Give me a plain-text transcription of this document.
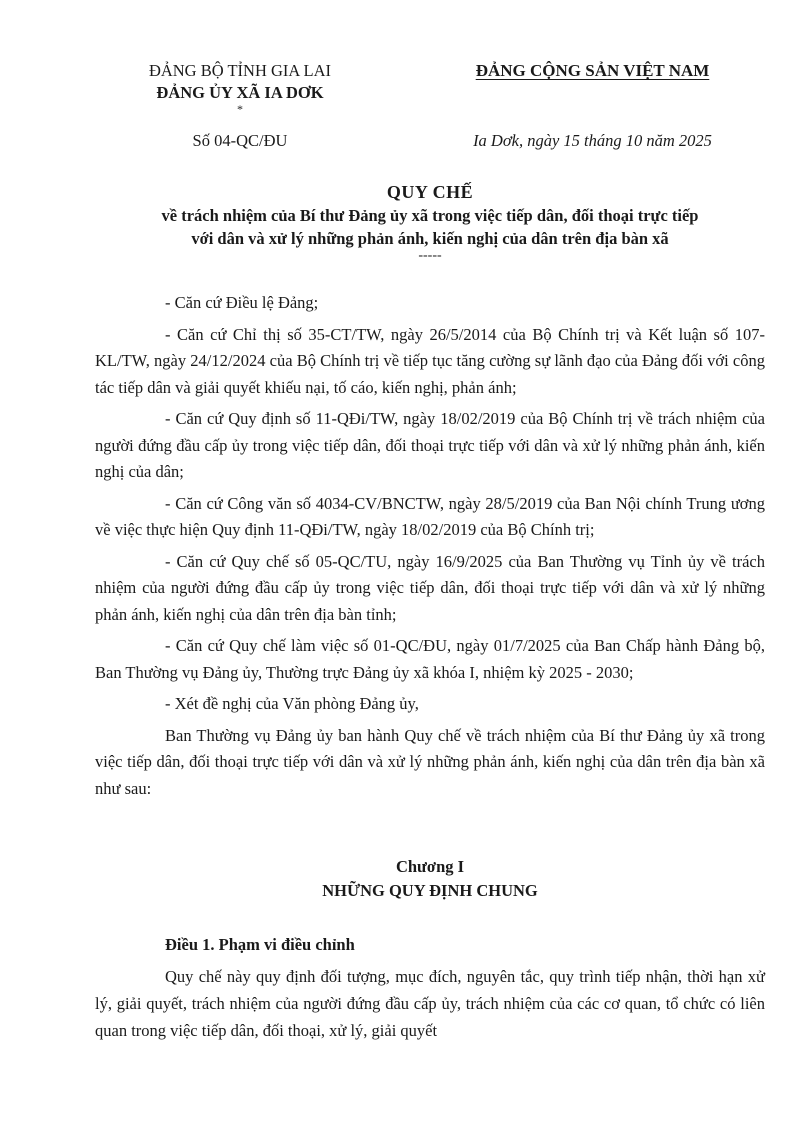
ĐẢNG BỘ TỈNH GIA LAI
ĐẢNG ỦY XÃ IA DƠK
*
Số 04-QC/ĐU
ĐẢNG CỘNG SẢN VIỆT NAM
Ia Dơk, ngày 15 tháng 10 năm 2025
QUY CHẾ
về trách nhiệm của Bí thư Đảng ủy xã trong việc tiếp dân, đối thoại trực tiếp
với dân và xử lý những phản ánh, kiến nghị của dân trên địa bàn xã
-----

- Căn cứ Điều lệ Đảng;

- Căn cứ Chỉ thị số 35-CT/TW, ngày 26/5/2014 của Bộ Chính trị và Kết luận số 107-KL/TW, ngày 24/12/2024 của Bộ Chính trị về tiếp tục tăng cường sự lãnh đạo của Đảng đối với công tác tiếp dân và giải quyết khiếu nại, tố cáo, kiến nghị, phản ánh;

- Căn cứ Quy định số 11-QĐi/TW, ngày 18/02/2019 của Bộ Chính trị về trách nhiệm của người đứng đầu cấp ủy trong việc tiếp dân, đối thoại trực tiếp với dân và xử lý những phản ánh, kiến nghị của dân;

- Căn cứ Công văn số 4034-CV/BNCTW, ngày 28/5/2019 của Ban Nội chính Trung ương về việc thực hiện Quy định 11-QĐi/TW, ngày 18/02/2019 của Bộ Chính trị;

- Căn cứ Quy chế số 05-QC/TU, ngày 16/9/2025 của Ban Thường vụ Tỉnh ủy về trách nhiệm của người đứng đầu cấp ủy trong việc tiếp dân, đối thoại trực tiếp với dân và xử lý những phản ánh, kiến nghị của dân trên địa bàn tỉnh;

- Căn cứ Quy chế làm việc số 01-QC/ĐU, ngày 01/7/2025 của Ban Chấp hành Đảng bộ, Ban Thường vụ Đảng ủy, Thường trực Đảng ủy xã khóa I, nhiệm kỳ 2025 - 2030;

- Xét đề nghị của Văn phòng Đảng ủy,

Ban Thường vụ Đảng ủy ban hành Quy chế về trách nhiệm của Bí thư Đảng ủy xã trong việc tiếp dân, đối thoại trực tiếp với dân và xử lý những phản ánh, kiến nghị của dân trên địa bàn xã như sau:

Chương I
NHỮNG QUY ĐỊNH CHUNG
Điều 1. Phạm vi điều chỉnh

Quy chế này quy định đối tượng, mục đích, nguyên tắc, quy trình tiếp nhận, thời hạn xử lý, giải quyết, trách nhiệm của người đứng đầu cấp ủy, trách nhiệm của các cơ quan, tổ chức có liên quan trong việc tiếp dân, đối thoại, xử lý, giải quyết
